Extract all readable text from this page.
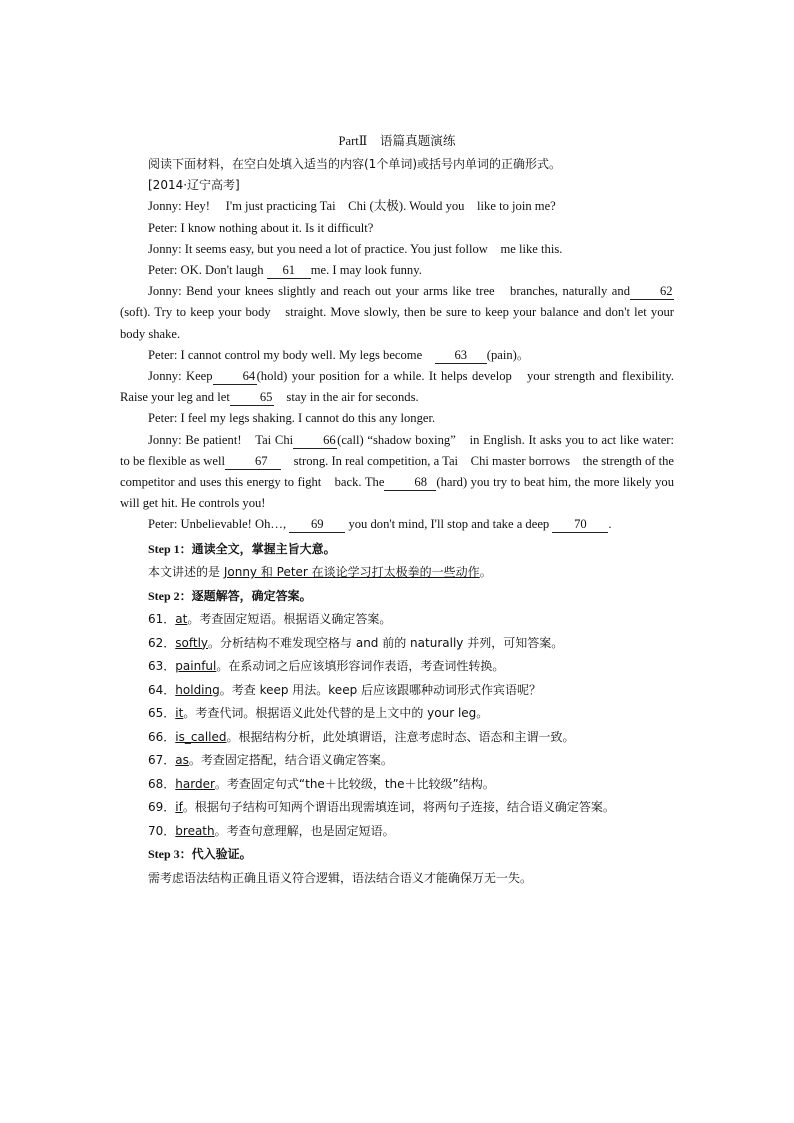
PartⅡ　语篇真题演练

阅读下面材料，在空白处填入适当的内容(1个单词)或括号内单词的正确形式。

[2014·辽宁高考]

Jonny: Hey!　 I'm just practicing Tai　Chi (太极). Would you　like to join me?

Peter: I know nothing about it. Is it difficult?

Jonny: It seems easy, but you need a lot of practice. You just follow　me like this.

Peter: OK. Don't laugh 61 me. I may look funny.

Jonny: Bend your knees slightly and reach out your arms like tree　branches, naturally and 62(soft). Try to keep your body　straight. Move slowly, then be sure to keep your balance and don't let your body shake.

Peter: I cannot control my body well. My legs become　63 (pain)。

Jonny: Keep 64(hold) your position for a while. It helps develop　your strength and flexibility. Raise your leg and let 65　 stay in the air for seconds.

Peter: I feel my legs shaking. I cannot do this any longer.

Jonny: Be patient!　Tai Chi 66(call) “shadow boxing”　in English. It asks you to act like water: to be flexible as well 67　 strong. In real competition, a Tai　Chi master borrows　the strength of the competitor and uses this energy to fight　back. The 68 (hard) you try to beat him, the more likely you will get hit. He controls you!

Peter: Unbelievable! Oh…, 69 you don't mind, I'll stop and take a deep 70 .

Step 1：通读全文，掌握主旨大意。

本文讲述的是 Jonny 和 Peter 在谈论学习打太极拳的一些动作。

Step 2：逐题解答，确定答案。

61．at。考查固定短语。根据语义确定答案。

62．softly。分析结构不难发现空格与 and 前的 naturally 并列，可知答案。

63．painful。在系动词之后应该填形容词作表语，考查词性转换。

64．holding。考查 keep 用法。keep 后应该跟哪种动词形式作宾语呢？

65．it。考查代词。根据语义此处代替的是上文中的 your leg。

66．is_called。根据结构分析，此处填谓语，注意考虑时态、语态和主谓一致。

67．as。考查固定搭配，结合语义确定答案。

68．harder。考查固定句式“the＋比较级，the＋比较级”结构。

69．if。根据句子结构可知两个谓语出现需填连词，将两句子连接，结合语义确定答案。

70．breath。考查句意理解，也是固定短语。

Step 3：代入验证。

需考虑语法结构正确且语义符合逻辑，语法结合语义才能确保万无一失。
